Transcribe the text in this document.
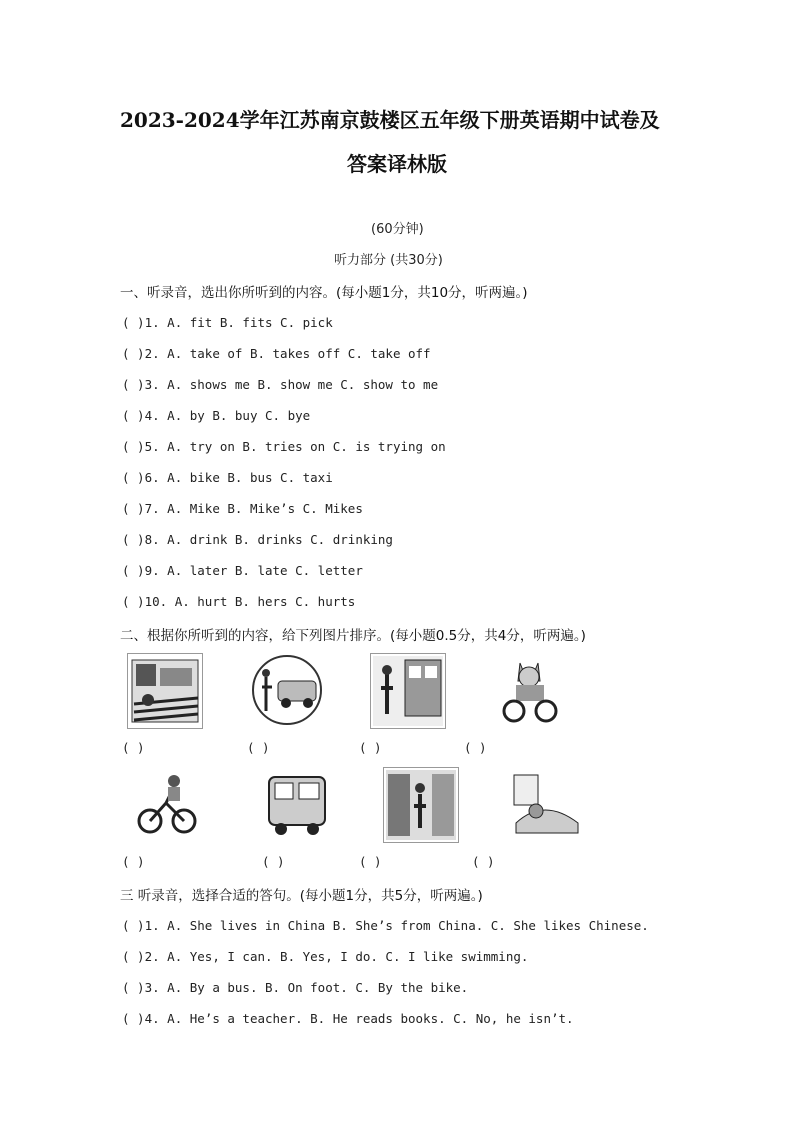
2023-2024学年江苏南京鼓楼区五年级下册英语期中试卷及
答案译林版
(60分钟)
听力部分 (共30分)
一、听录音，选出你所听到的内容。(每小题1分，共10分，听两遍。)
( )1. A. fit B. fits C. pick
( )2. A. take of B. takes off C. take off
( )3. A. shows me B. show me C. show to me
( )4. A. by B. buy C. bye
( )5. A. try on B. tries on C. is trying on
( )6. A. bike B. bus C. taxi
( )7. A. Mike B. Mike’s C. Mikes
( )8. A. drink B. drinks C. drinking
( )9. A. later B. late C. letter
( )10. A. hurt B. hers C. hurts
二、根据你所听到的内容，给下列图片排序。(每小题0.5分，共4分，听两遍。)
( )	( )	( )	( )
( )	( )	( )	( )
三 听录音，选择合适的答句。(每小题1分，共5分，听两遍。)
( )1. A. She lives in China B. She’s from China. C. She likes Chinese.
( )2. A. Yes, I can. B. Yes, I do. C. I like swimming.
( )3. A. By a bus. B. On foot. C. By the bike.
( )4. A. He’s a teacher. B. He reads books. C. No, he isn’t.
